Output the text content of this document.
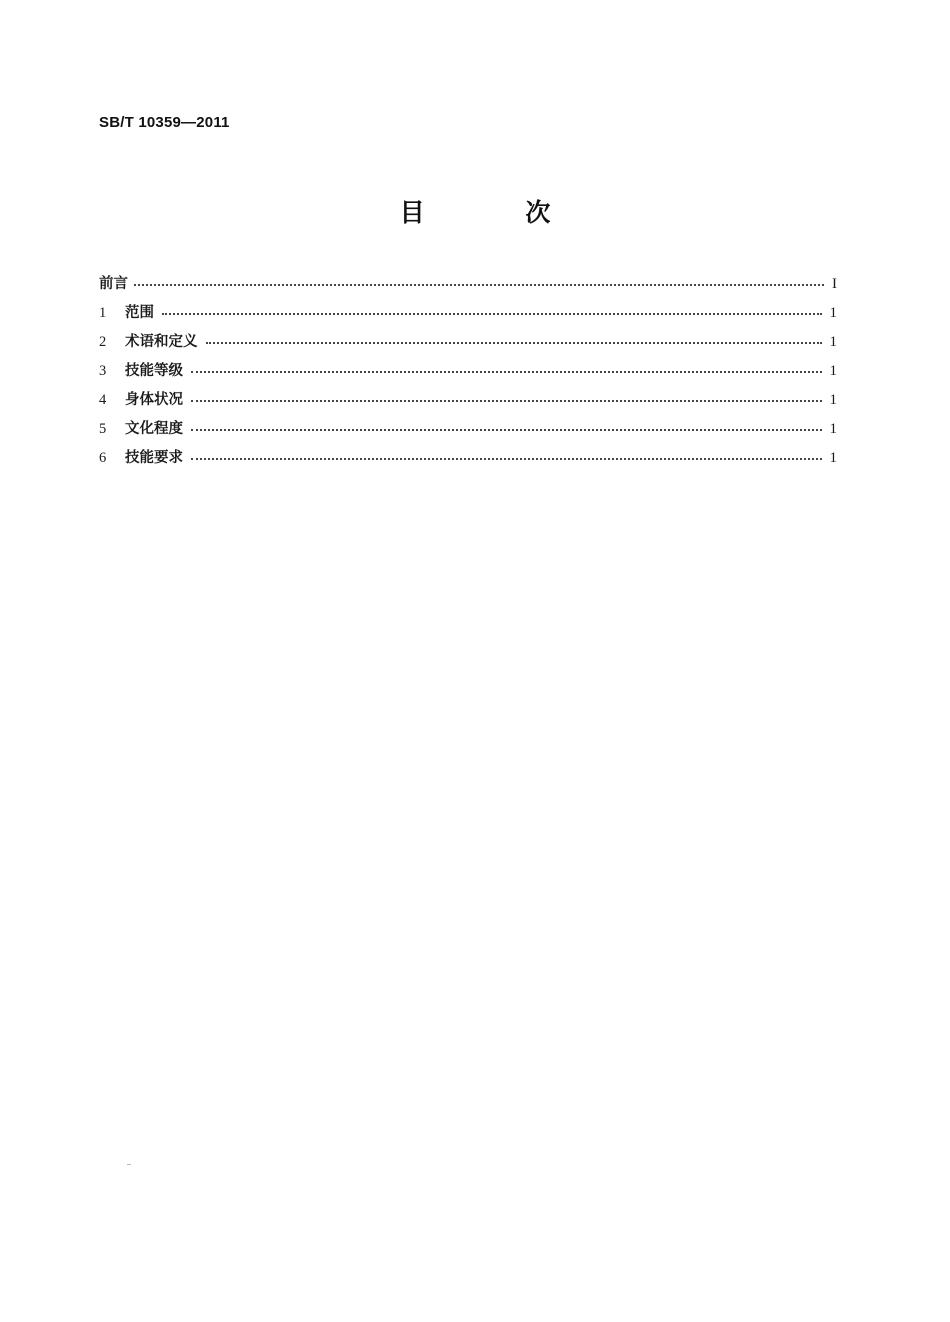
SB/T 10359—2011
目 次
前言	I
1	范围	1
2	术语和定义	1
3	技能等级	1
4	身体状况	1
5	文化程度	1
6	技能要求	1
